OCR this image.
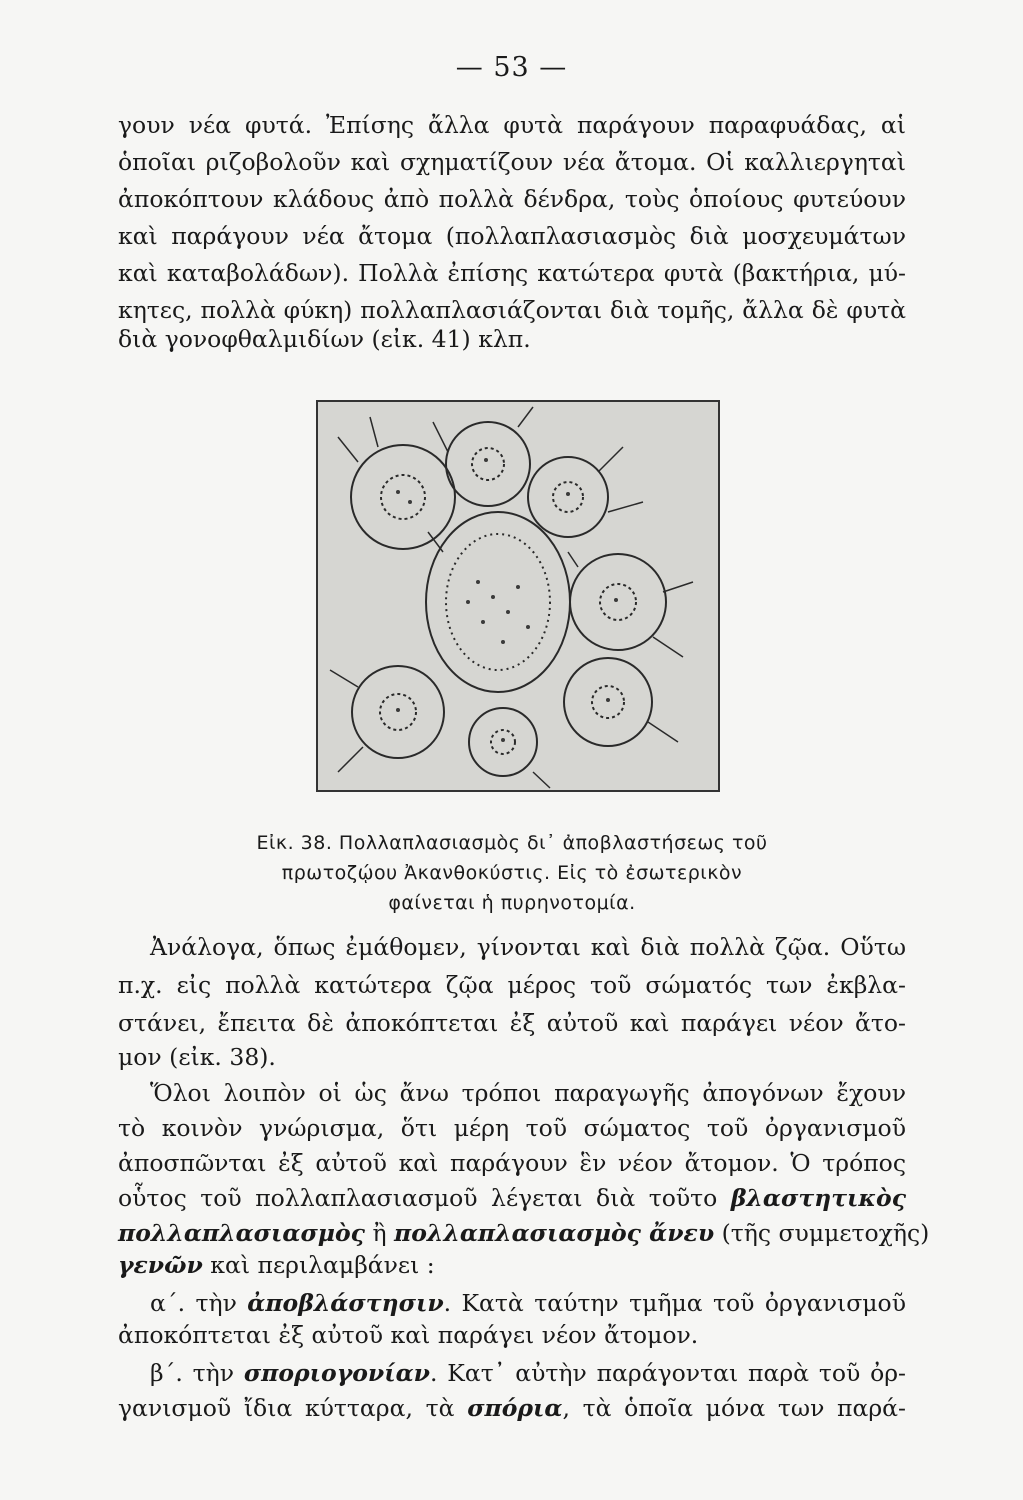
— 53 —
γουν νέα φυτά. Ἐπίσης ἄλλα φυτὰ παράγουν παραφυάδας, αἱ
ὁποῖαι ριζοβολοῦν καὶ σχηματίζουν νέα ἄτομα. Οἱ καλλιεργηταὶ
ἀποκόπτουν κλάδους ἀπὸ πολλὰ δένδρα, τοὺς ὁποίους φυτεύουν
καὶ παράγουν νέα ἄτομα (πολλαπλασιασμὸς διὰ μοσχευμάτων
καὶ καταβολάδων). Πολλὰ ἐπίσης κατώτερα φυτὰ (βακτήρια, μύ-
κητες, πολλὰ φύκη) πολλαπλασιάζονται διὰ τομῆς, ἄλλα δὲ φυτὰ
διὰ γονοφθαλμιδίων (εἰκ. 41) κλπ.
Εἰκ. 38. Πολλαπλασιασμὸς δι᾽ ἀποβλαστήσεως τοῦ
πρωτοζῴου Ἀκανθοκύστις. Εἰς τὸ ἐσωτερικὸν
φαίνεται ἡ πυρηνοτομία.
Ἀνάλογα, ὅπως ἐμάθομεν, γίνονται καὶ διὰ πολλὰ ζῷα. Οὕτω
π.χ. εἰς πολλὰ κατώτερα ζῷα μέρος τοῦ σώματός των ἐκβλα-
στάνει, ἔπειτα δὲ ἀποκόπτεται ἐξ αὐτοῦ καὶ παράγει νέον ἄτο-
μον (εἰκ. 38).
Ὅλοι λοιπὸν οἱ ὡς ἄνω τρόποι παραγωγῆς ἀπογόνων ἔχουν
τὸ κοινὸν γνώρισμα, ὅτι μέρη τοῦ σώματος τοῦ ὀργανισμοῦ
ἀποσπῶνται ἐξ αὐτοῦ καὶ παράγουν ἓν νέον ἄτομον. Ὁ τρόπος
οὗτος τοῦ πολλαπλασιασμοῦ λέγεται διὰ τοῦτο βλαστητικὸς
πολλαπλασιασμὸς ἢ πολλαπλασιασμὸς ἄνευ (τῆς συμμετοχῆς)
γενῶν καὶ περιλαμβάνει :
α΄. τὴν ἀποβλάστησιν. Κατὰ ταύτην τμῆμα τοῦ ὀργανισμοῦ
ἀποκόπτεται ἐξ αὐτοῦ καὶ παράγει νέον ἄτομον.
β΄. τὴν σποριογονίαν. Κατ᾽ αὐτὴν παράγονται παρὰ τοῦ ὀρ-
γανισμοῦ ἴδια κύτταρα, τὰ σπόρια, τὰ ὁποῖα μόνα των παρά-
